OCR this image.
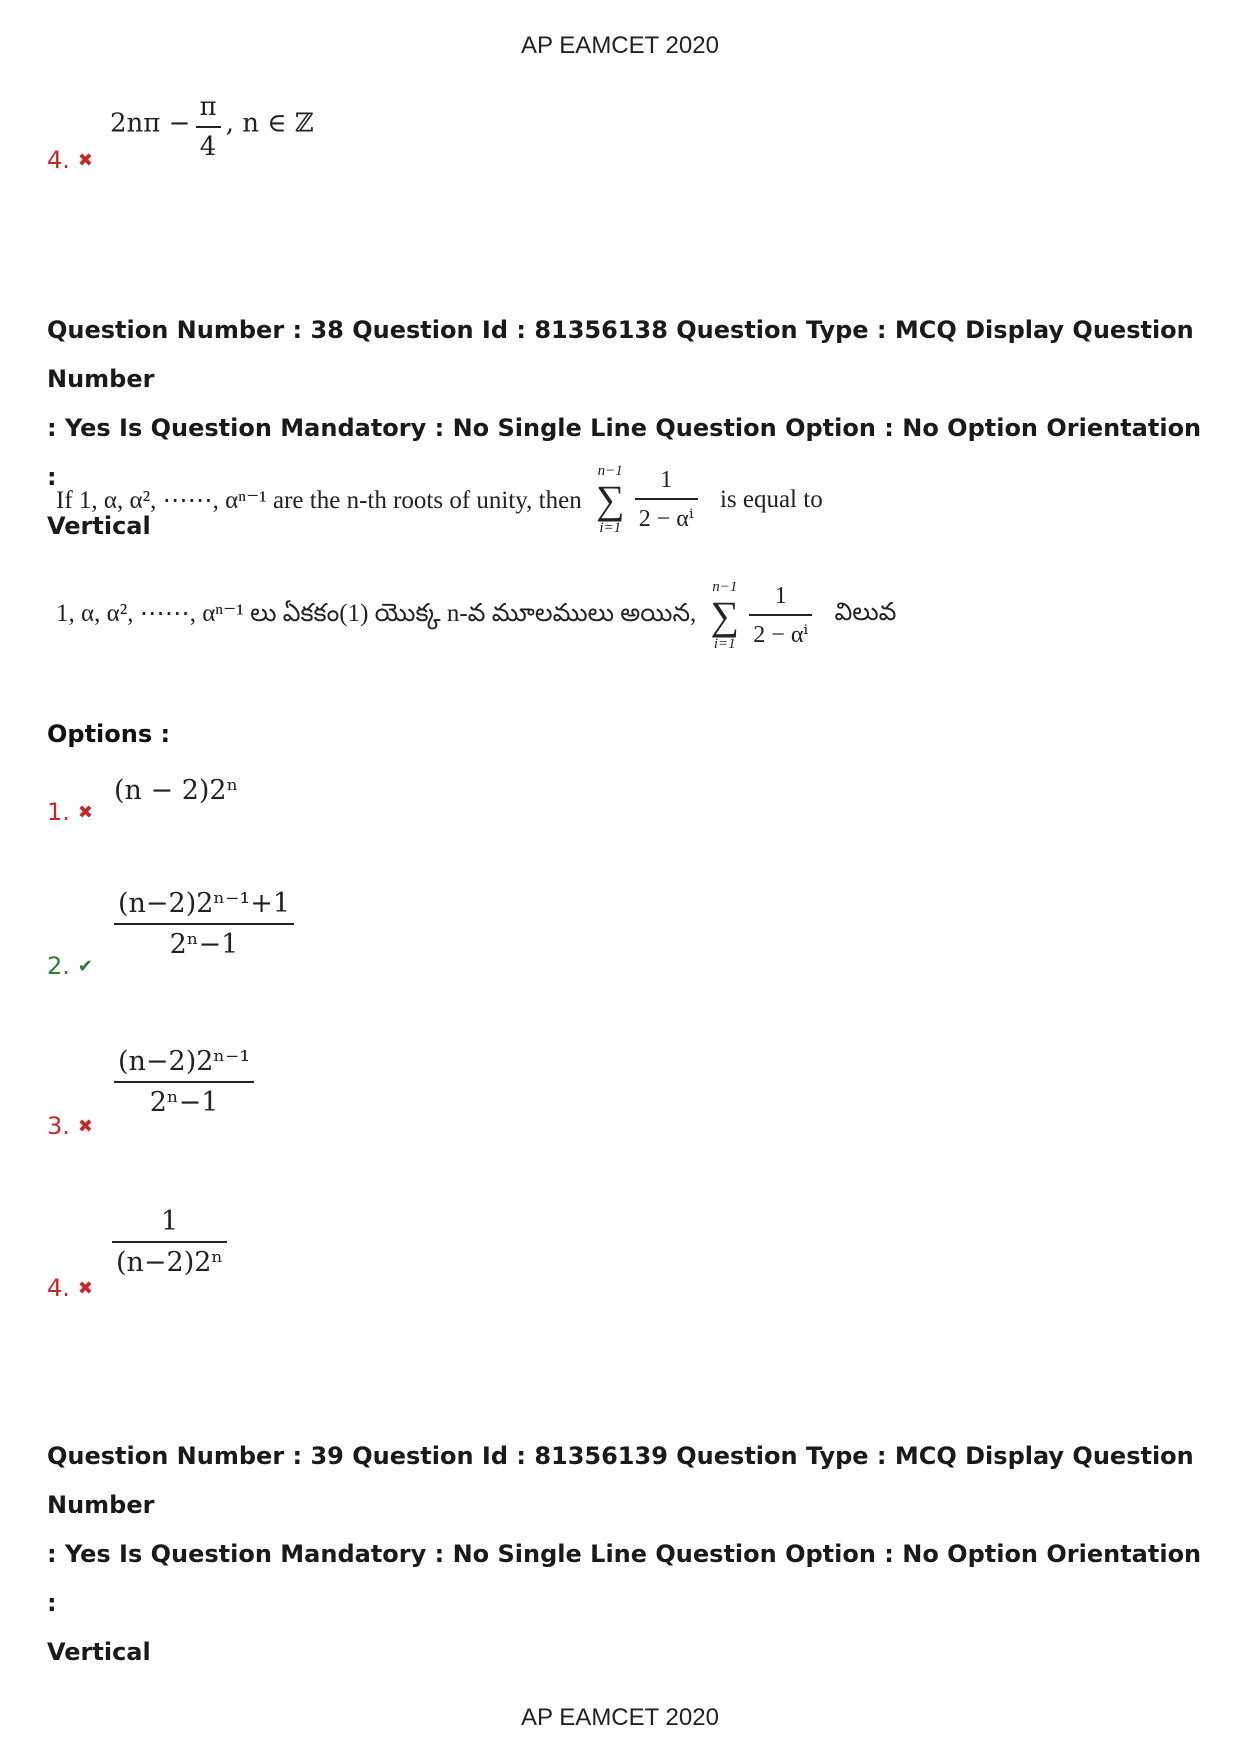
AP EAMCET 2020
$2n\pi - \frac{\pi}{4}$ , n ∈ ℤ
4. ✖
Question Number : 38 Question Id : 81356138 Question Type : MCQ Display Question Number
: Yes Is Question Mandatory : No Single Line Question Option : No Option Orientation :
Vertical
If 1, α, α², ⋯⋯, αⁿ⁻¹ are the n-th roots of unity, then
n−1
∑
i=1
$\frac{1}{\text{2 − αⁱ}}$ is equal to
1, α, α², ⋯⋯, αⁿ⁻¹ లు ఏకకం(1) యొక్క n-వ మూలములు అయిన,
n−1
∑
i=1
$\frac{1}{\text{2 − αⁱ}}$ విలువ
Options :
(n − 2)2ⁿ
1. ✖
$\frac{\text{(n−2)2ⁿ⁻¹+1}}{\text{2ⁿ−1}}$
2. ✔
$\frac{\text{(n−2)2ⁿ⁻¹}}{\text{2ⁿ−1}}$
3. ✖
$\frac{1}{\text{(n−2)2ⁿ}}$
4. ✖
Question Number : 39 Question Id : 81356139 Question Type : MCQ Display Question Number
: Yes Is Question Mandatory : No Single Line Question Option : No Option Orientation :
Vertical
AP EAMCET 2020
